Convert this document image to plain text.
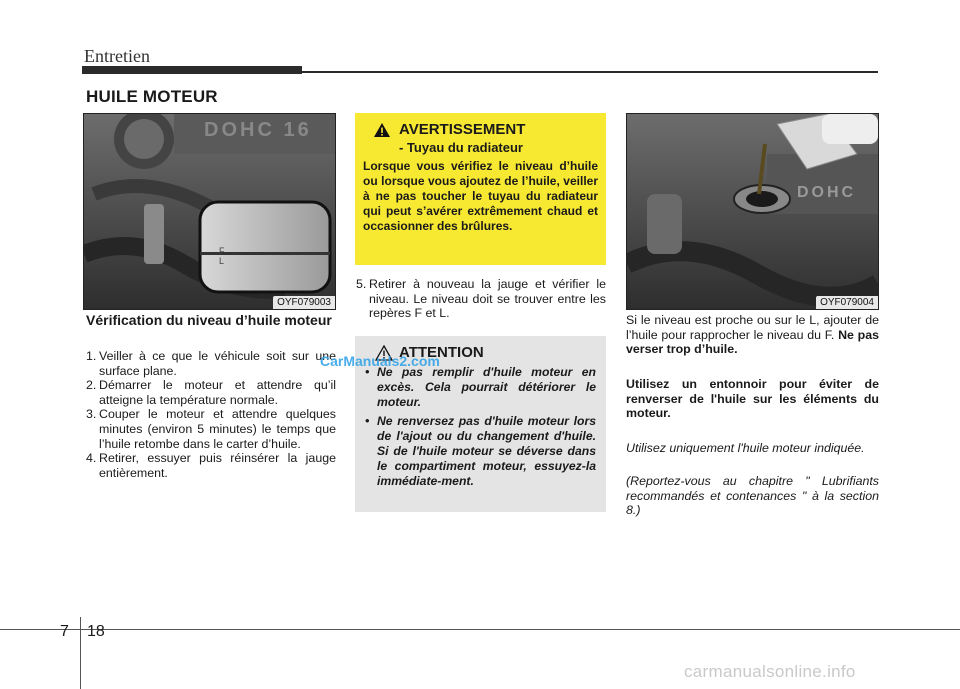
Entretien
HUILE MOTEUR
DOHC 16
F L
OYF079003
Vérification du niveau d’huile moteur
1. Veiller à ce que le véhicule soit sur une surface plane.
2. Démarrer le moteur et attendre qu’il atteigne la température normale.
3. Couper le moteur et attendre quelques minutes (environ 5 minutes) le temps que l’huile retombe dans le carter d’huile.
4. Retirer, essuyer puis réinsérer la jauge entièrement.
AVERTISSEMENT
- Tuyau du radiateur
Lorsque vous vérifiez le niveau d’huile ou lorsque vous ajoutez de l’huile, veiller à ne pas toucher le tuyau du radiateur qui peut s’avérer extrêmement chaud et occasionner des brûlures.
5. Retirer à nouveau la jauge et vérifier le niveau. Le niveau doit se trouver entre les repères F et L.
ATTENTION
• Ne pas remplir d'huile moteur en excès. Cela pourrait détériorer le moteur.
• Ne renversez pas d'huile moteur lors de l'ajout ou du changement d'huile. Si de l'huile moteur se déverse dans le compartiment moteur, essuyez-la immédiate-ment.
CarManuals2.com
DOHC
OYF079004

Si le niveau est proche ou sur le L, ajouter de l’huile pour rapprocher le niveau du F. Ne pas verser trop d’huile.

Utilisez un entonnoir pour éviter de renverser de l'huile sur les éléments du moteur.

Utilisez uniquement l'huile moteur indiquée.

(Reportez-vous au chapitre " Lubrifiants recommandés et contenances " à la section 8.)

7 18
carmanualsonline.info
